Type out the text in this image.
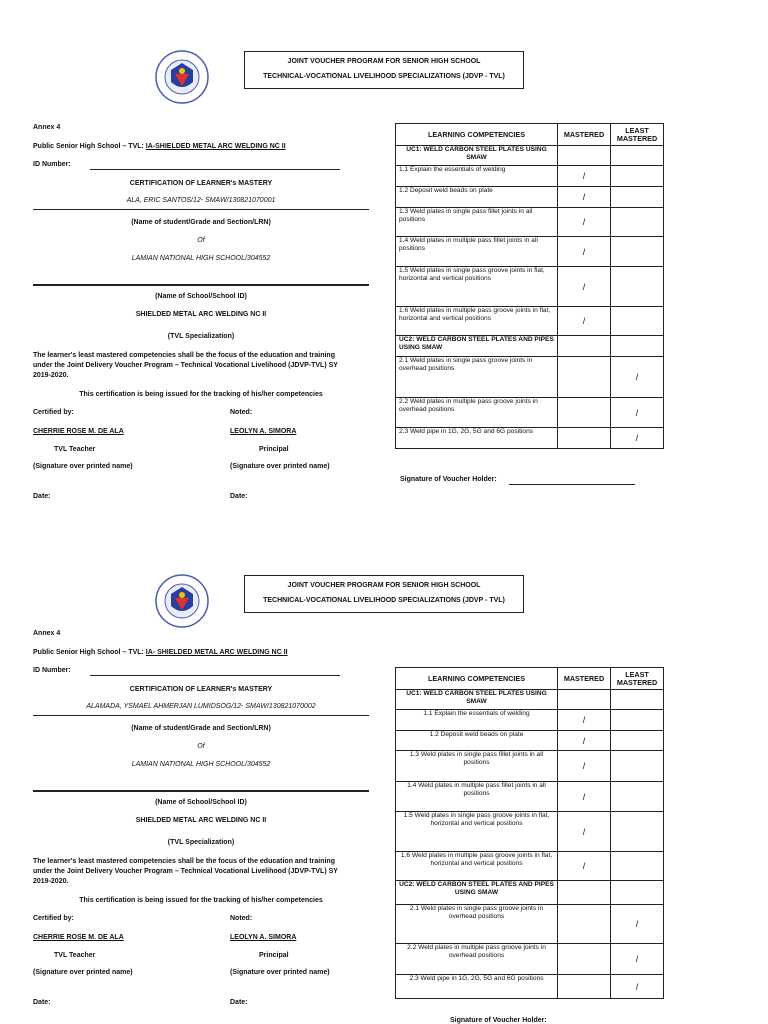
JOINT VOUCHER PROGRAM FOR SENIOR HIGH SCHOOL
TECHNICAL-VOCATIONAL LIVELIHOOD SPECIALIZATIONS (JDVP - TVL)
Annex 4
Public Senior High School – TVL: IA-SHIELDED METAL ARC WELDING NC II
ID Number:
CERTIFICATION OF LEARNER's MASTERY
ALA, ERIC SANTOS/12- SMAW/130821070001
(Name of student/Grade and Section/LRN)
Of
LAMIAN NATIONAL HIGH SCHOOL/304552
(Name of School/School ID)
SHIELDED METAL ARC WELDING NC II
(TVL Specialization)
The learner's least mastered competencies shall be the focus of the education and training under the Joint Delivery Voucher Program – Technical Vocational Livelihood (JDVP-TVL) SY 2019-2020.
This certification is being issued for the tracking of his/her competencies
Certified by:	Noted:
CHERRIE ROSE M. DE ALA	LEOLYN A. SIMORA
TVL Teacher	Principal
(Signature over printed name)	(Signature over printed name)
Date:	Date:
LEARNING COMPETENCIES	MASTERED	LEAST MASTERED
UC1: WELD CARBON STEEL PLATES USING SMAW		
1.1 Explain the essentials of welding	/	
1.2 Deposit weld beads on plate	/	
1.3 Weld plates in single pass fillet joints in all positions	/	
1.4 Weld plates in multiple pass fillet joints in all positions	/	
1.5 Weld plates in single pass groove joints in flat, horizontal and vertical positions	/	
1.6 Weld plates in multiple pass groove joints in flat, horizontal and vertical positions	/	
UC2: WELD CARBON STEEL PLATES AND PIPES USING SMAW		
2.1 Weld plates in single pass groove joints in overhead positions		/
2.2 Weld plates in multiple pass groove joints in overhead positions		/
2.3 Weld pipe in 1G, 2G, 5G and 6G positions		/
Signature of Voucher Holder:
JOINT VOUCHER PROGRAM FOR SENIOR HIGH SCHOOL
TECHNICAL-VOCATIONAL LIVELIHOOD SPECIALIZATIONS (JDVP - TVL)
Annex 4
Public Senior High School – TVL: IA- SHIELDED METAL ARC WELDING NC II
ID Number:
CERTIFICATION OF LEARNER's MASTERY
ALAMADA, YSMAEL AHMERJAN LUMIDSOG/12- SMAW/130821070002
(Name of student/Grade and Section/LRN)
Of
LAMIAN NATIONAL HIGH SCHOOL/304552
(Name of School/School ID)
SHIELDED METAL ARC WELDING NC II
(TVL Specialization)
The learner's least mastered competencies shall be the focus of the education and training under the Joint Delivery Voucher Program – Technical Vocational Livelihood (JDVP-TVL) SY 2019-2020.
This certification is being issued for the tracking of his/her competencies
Certified by:	Noted:
CHERRIE ROSE M. DE ALA	LEOLYN A. SIMORA
TVL Teacher	Principal
(Signature over printed name)	(Signature over printed name)
Date:	Date:
LEARNING COMPETENCIES	MASTERED	LEAST MASTERED
UC1: WELD CARBON STEEL PLATES USING SMAW		
1.1 Explain the essentials of welding	/	
1.2 Deposit weld beads on plate	/	
1.3 Weld plates in single pass fillet joints in all positions	/	
1.4 Weld plates in multiple pass fillet joints in all positions	/	
1.5 Weld plates in single pass groove joints in flat, horizontal and vertical positions	/	
1.6 Weld plates in multiple pass groove joints in flat, horizontal and vertical positions	/	
UC2: WELD CARBON STEEL PLATES AND PIPES USING SMAW		
2.1 Weld plates in single pass groove joints in overhead positions		/
2.2 Weld plates in multiple pass groove joints in overhead positions		/
2.3 Weld pipe in 1G, 2G, 5G and 6G positions		/
Signature of Voucher Holder:
